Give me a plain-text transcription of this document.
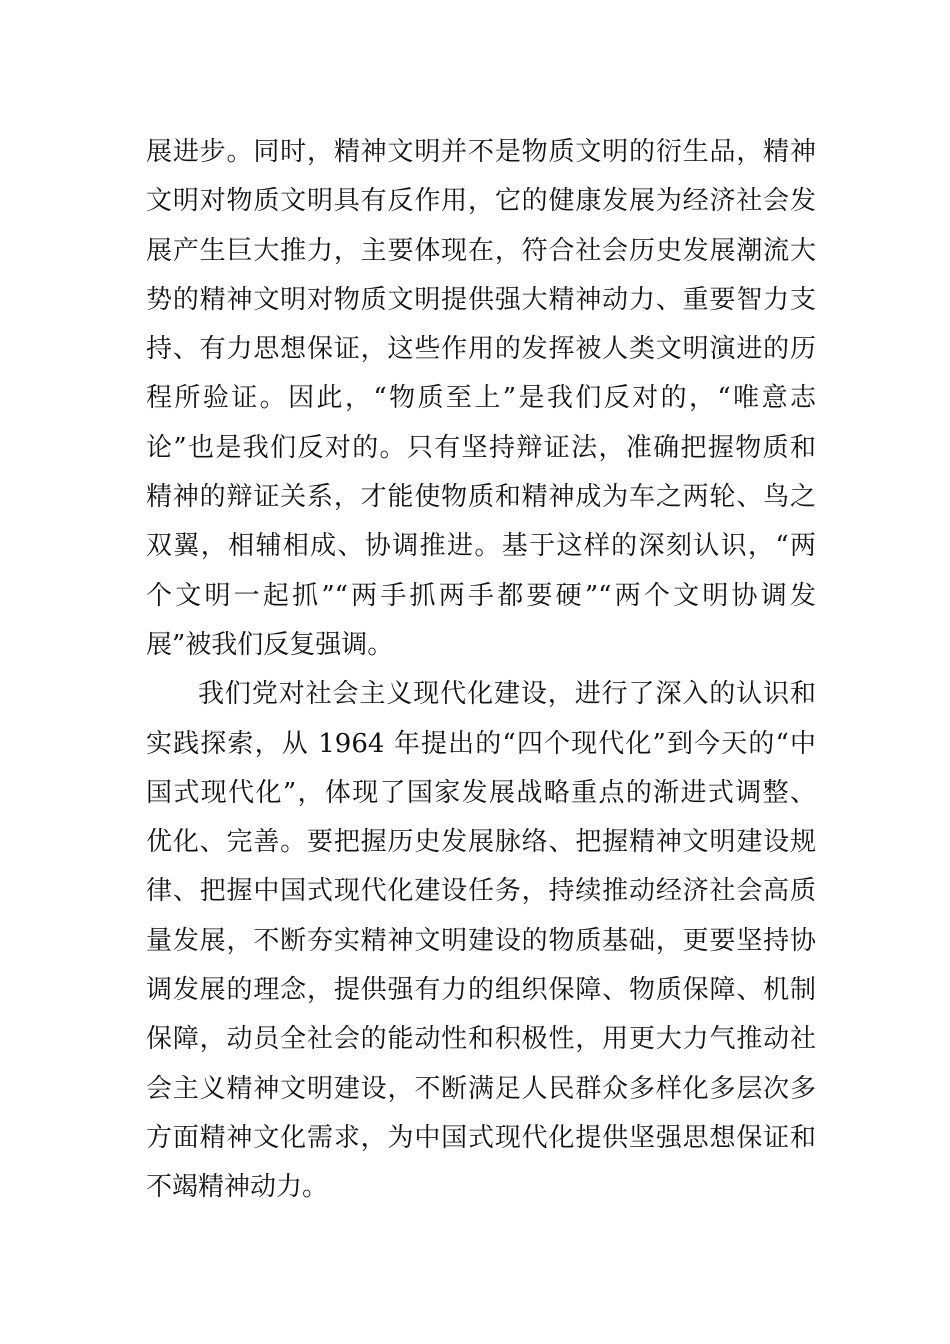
展进步。同时，精神文明并不是物质文明的衍生品，精神
文明对物质文明具有反作用，它的健康发展为经济社会发
展产生巨大推力，主要体现在，符合社会历史发展潮流大
势的精神文明对物质文明提供强大精神动力、重要智力支
持、有力思想保证，这些作用的发挥被人类文明演进的历
程所验证。因此，“物质至上”是我们反对的，“唯意志
论”也是我们反对的。只有坚持辩证法，准确把握物质和
精神的辩证关系，才能使物质和精神成为车之两轮、鸟之
双翼，相辅相成、协调推进。基于这样的深刻认识，“两
个文明一起抓”“两手抓两手都要硬”“两个文明协调发
展”被我们反复强调。
我们党对社会主义现代化建设，进行了深入的认识和
实践探索，从 1964 年提出的“四个现代化”到今天的“中
国式现代化”，体现了国家发展战略重点的渐进式调整、
优化、完善。要把握历史发展脉络、把握精神文明建设规
律、把握中国式现代化建设任务，持续推动经济社会高质
量发展，不断夯实精神文明建设的物质基础，更要坚持协
调发展的理念，提供强有力的组织保障、物质保障、机制
保障，动员全社会的能动性和积极性，用更大力气推动社
会主义精神文明建设，不断满足人民群众多样化多层次多
方面精神文化需求，为中国式现代化提供坚强思想保证和
不竭精神动力。
